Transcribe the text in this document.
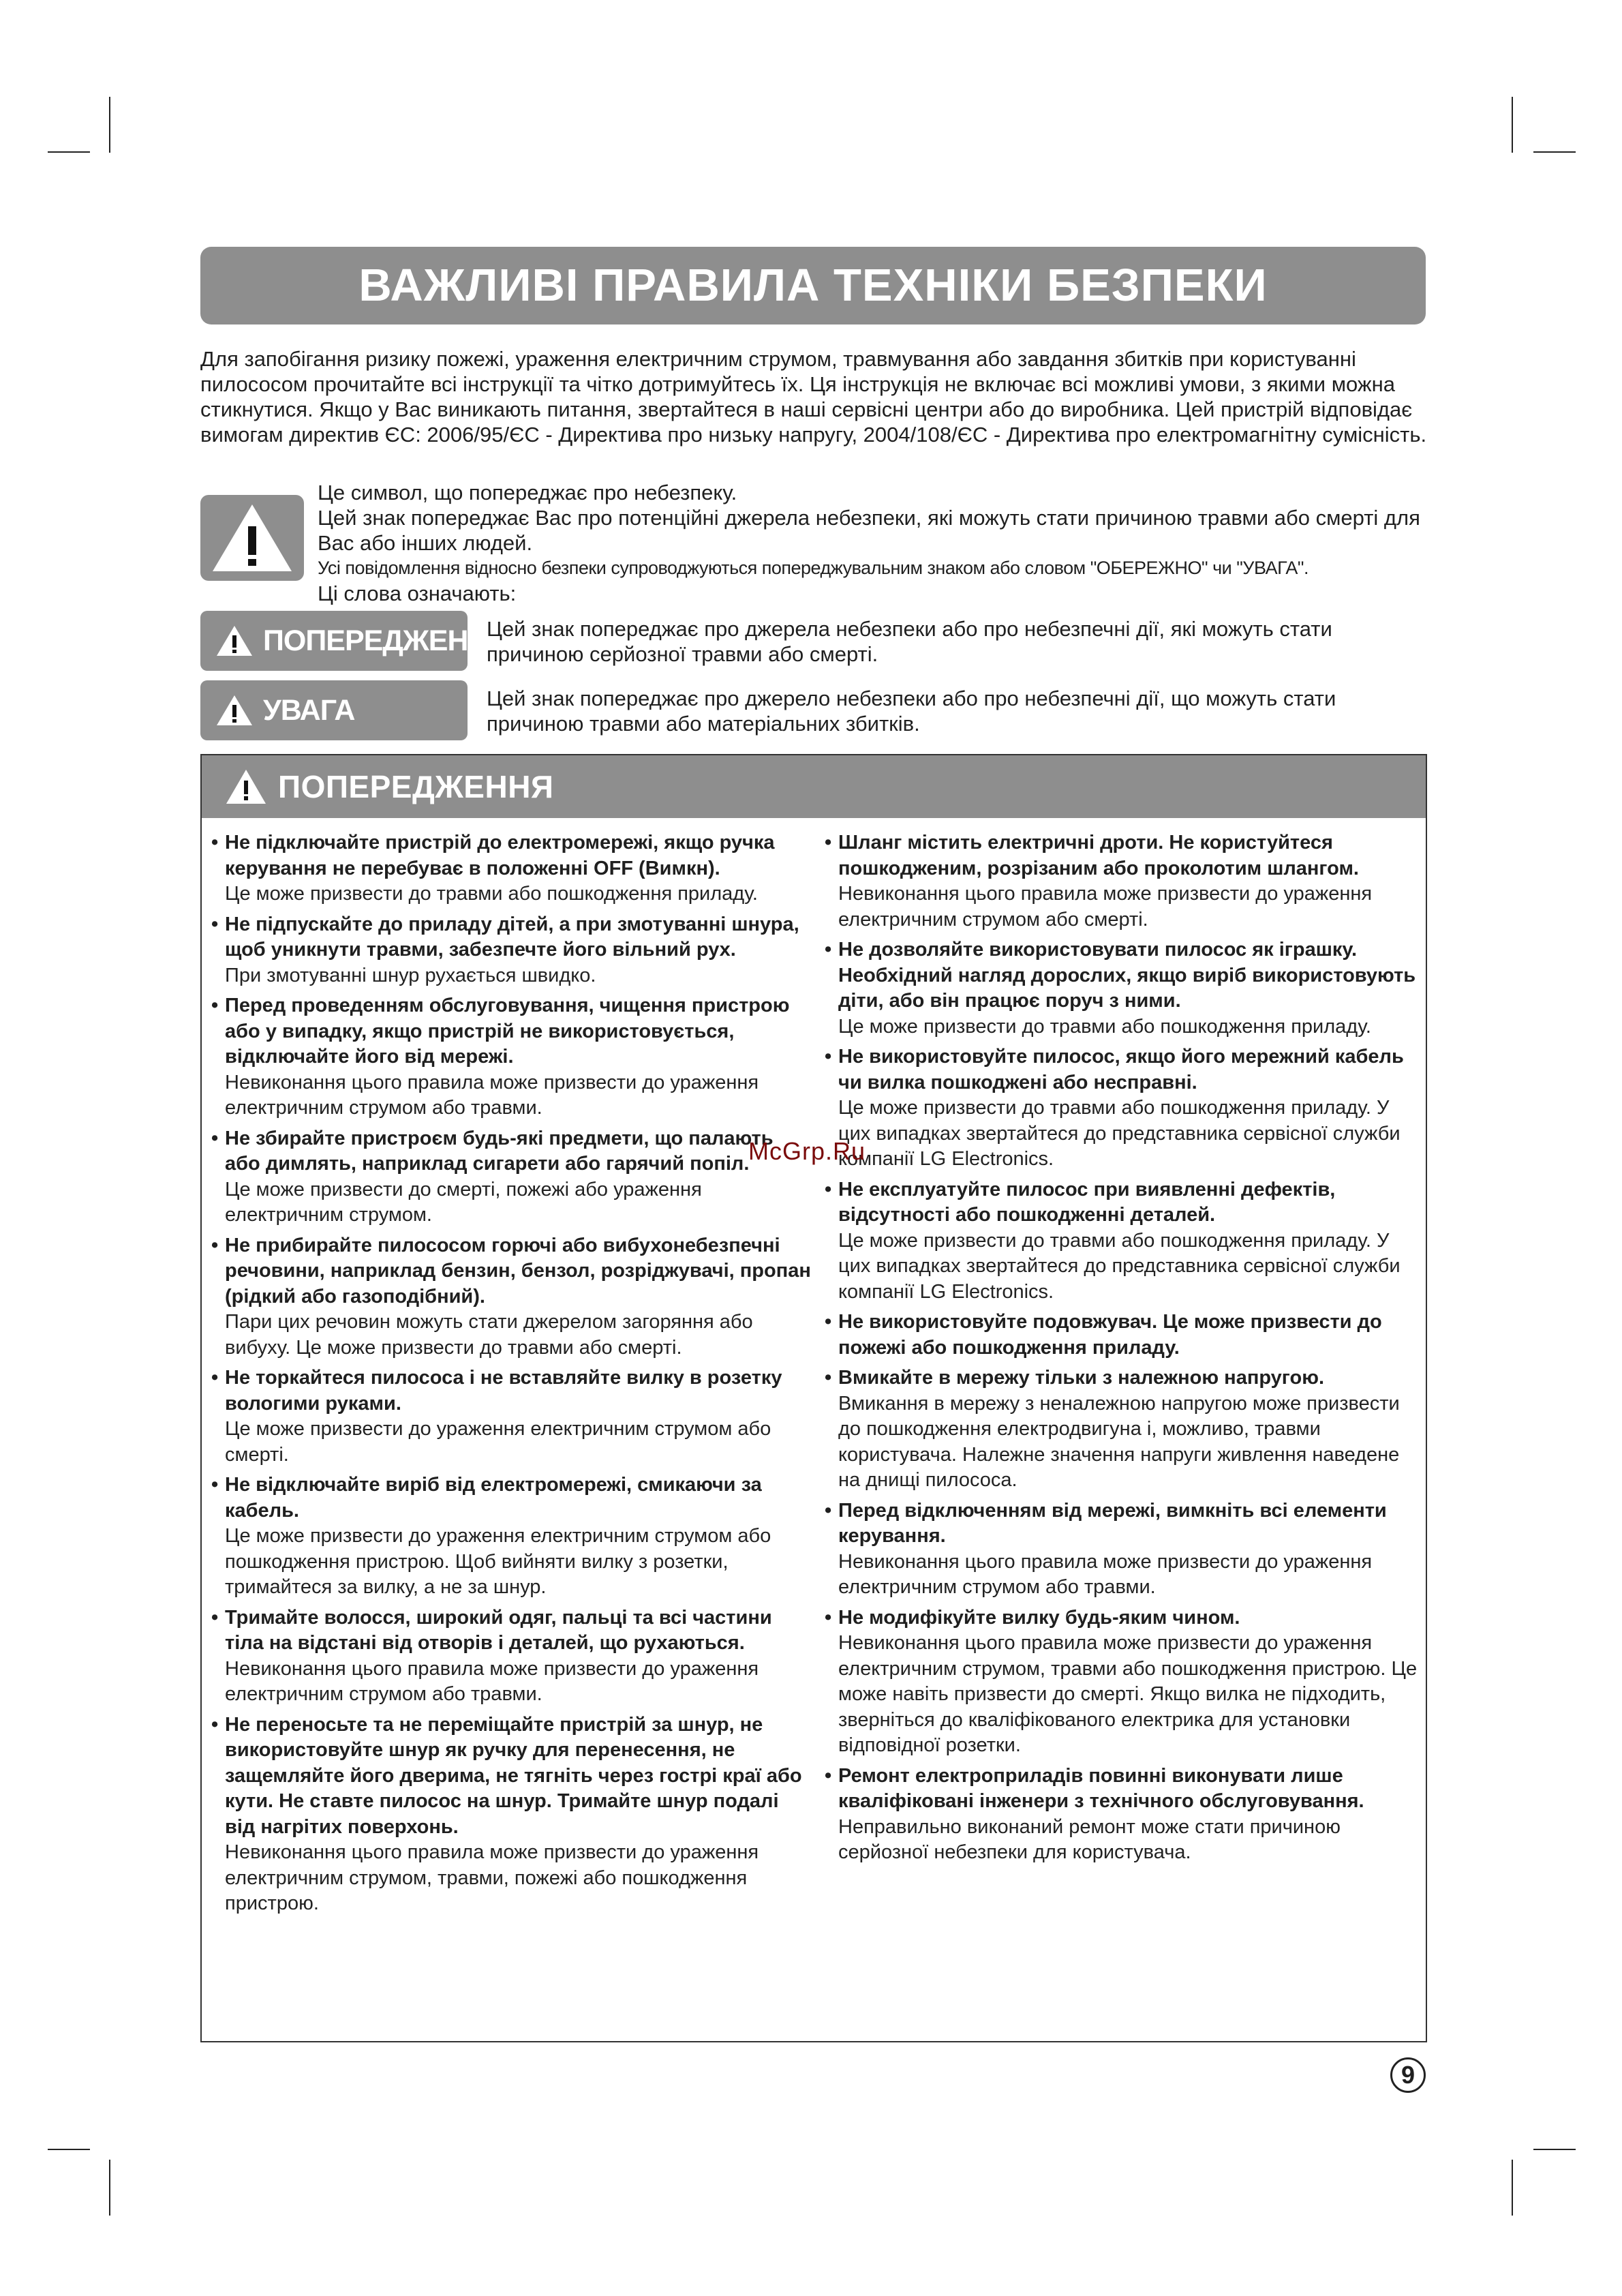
ВАЖЛИВІ ПРАВИЛА ТЕХНІКИ БЕЗПЕКИ

Для запобігання ризику пожежі, ураження електричним струмом, травмування або завдання збитків при користуванні пилососом прочитайте всі інструкції та чітко дотримуйтесь їх. Ця інструкція не включає всі можливі умови, з якими можна стикнутися. Якщо у Вас виникають питання, звертайтеся в наші сервісні центри або до виробника. Цей пристрій відповідає вимогам директив ЄС: 2006/95/ЄС - Директива про низьку напругу, 2004/108/ЄС - Директива про електромагнітну сумісність.

Це символ, що попереджає про небезпеку.
Цей знак попереджає Вас про потенційні джерела небезпеки, які можуть стати причиною травми або смерті для Вас або інших людей.
Усі повідомлення відносно безпеки супроводжуються попереджувальним знаком або словом "ОБЕРЕЖНО" чи "УВАГА".
Ці слова означають:
ПОПЕРЕДЖЕННЯ

Цей знак попереджає про джерела небезпеки або про небезпечні дії, які можуть стати причиною серйозної травми або смерті.

УВАГА	Цей знак попереджає про джерело небезпеки або про небезпечні дії, що можуть стати причиною травми або матеріальних збитків.

ПОПЕРЕДЖЕННЯ
• Не підключайте пристрій до електромережі, якщо ручка керування не перебуває в положенні OFF (Вимкн).
Це може призвести до травми або пошкодження приладу.
• Не підпускайте до приладу дітей, а при змотуванні шнура, щоб уникнути травми, забезпечте його вільний рух.
При змотуванні шнур рухається швидко.
• Перед проведенням обслуговування, чищення пристрою або у випадку, якщо пристрій не використовується, відключайте його від мережі.
Невиконання цього правила може призвести до ураження електричним струмом або травми.
• Не збирайте пристроєм будь-які предмети, що палають або димлять, наприклад сигарети або гарячий попіл.
Це може призвести до смерті, пожежі або ураження електричним струмом.
• Не прибирайте пилососом горючі або вибухонебезпечні речовини, наприклад бензин, бензол, розріджувачі, пропан (рідкий або газоподібний).
Пари цих речовин можуть стати джерелом загоряння або вибуху. Це може призвести до травми або смерті.
• Не торкайтеся пилососа і не вставляйте вилку в розетку вологими руками.
Це може призвести до ураження електричним струмом або смерті.
• Не відключайте виріб від електромережі, смикаючи за кабель.
Це може призвести до ураження електричним струмом або пошкодження пристрою. Щоб вийняти вилку з розетки, тримайтеся за вилку, а не за шнур.
• Тримайте волосся, широкий одяг, пальці та всі частини тіла на відстані від отворів і деталей, що рухаються.
Невиконання цього правила може призвести до ураження електричним струмом або травми.
• Не переносьте та не переміщайте пристрій за шнур, не використовуйте шнур як ручку для перенесення, не защемляйте його дверима, не тягніть через гострі краї або кути. Не ставте пилосос на шнур. Тримайте шнур подалі від нагрітих поверхонь.
Невиконання цього правила може призвести до ураження електричним струмом, травми, пожежі або пошкодження пристрою.
• Шланг містить електричні дроти. Не користуйтеся пошкодженим, розрізаним або проколотим шлангом.
Невиконання цього правила може призвести до ураження електричним струмом або смерті.
• Не дозволяйте використовувати пилосос як іграшку. Необхідний нагляд дорослих, якщо виріб використовують діти, або він працює поруч з ними.
Це може призвести до травми або пошкодження приладу.
• Не використовуйте пилосос, якщо його мережний кабель чи вилка пошкоджені або несправні.
Це може призвести до травми або пошкодження приладу. У цих випадках звертайтеся до представника сервісної служби компанії LG Electronics.
• Не експлуатуйте пилосос при виявленні дефектів, відсутності або пошкодженні деталей.
Це може призвести до травми або пошкодження приладу. У цих випадках звертайтеся до представника сервісної служби компанії LG Electronics.
• Не використовуйте подовжувач. Це може призвести до пожежі або пошкодження приладу.
• Вмикайте в мережу тільки з належною напругою.
Вмикання в мережу з неналежною напругою може призвести до пошкодження електродвигуна і, можливо, травми користувача. Належне значення напруги живлення наведене на днищі пилососа.
• Перед відключенням від мережі, вимкніть всі елементи керування.
Невиконання цього правила може призвести до ураження електричним струмом або травми.
• Не модифікуйте вилку будь-яким чином.
Невиконання цього правила може призвести до ураження електричним струмом, травми або пошкодження пристрою. Це може навіть призвести до смерті. Якщо вилка не підходить, зверніться до кваліфікованого електрика для установки відповідної розетки.
• Ремонт електроприладів повинні виконувати лише кваліфіковані інженери з технічного обслуговування.
Неправильно виконаний ремонт може стати причиною серйозної небезпеки для користувача.
McGrp.Ru
9
